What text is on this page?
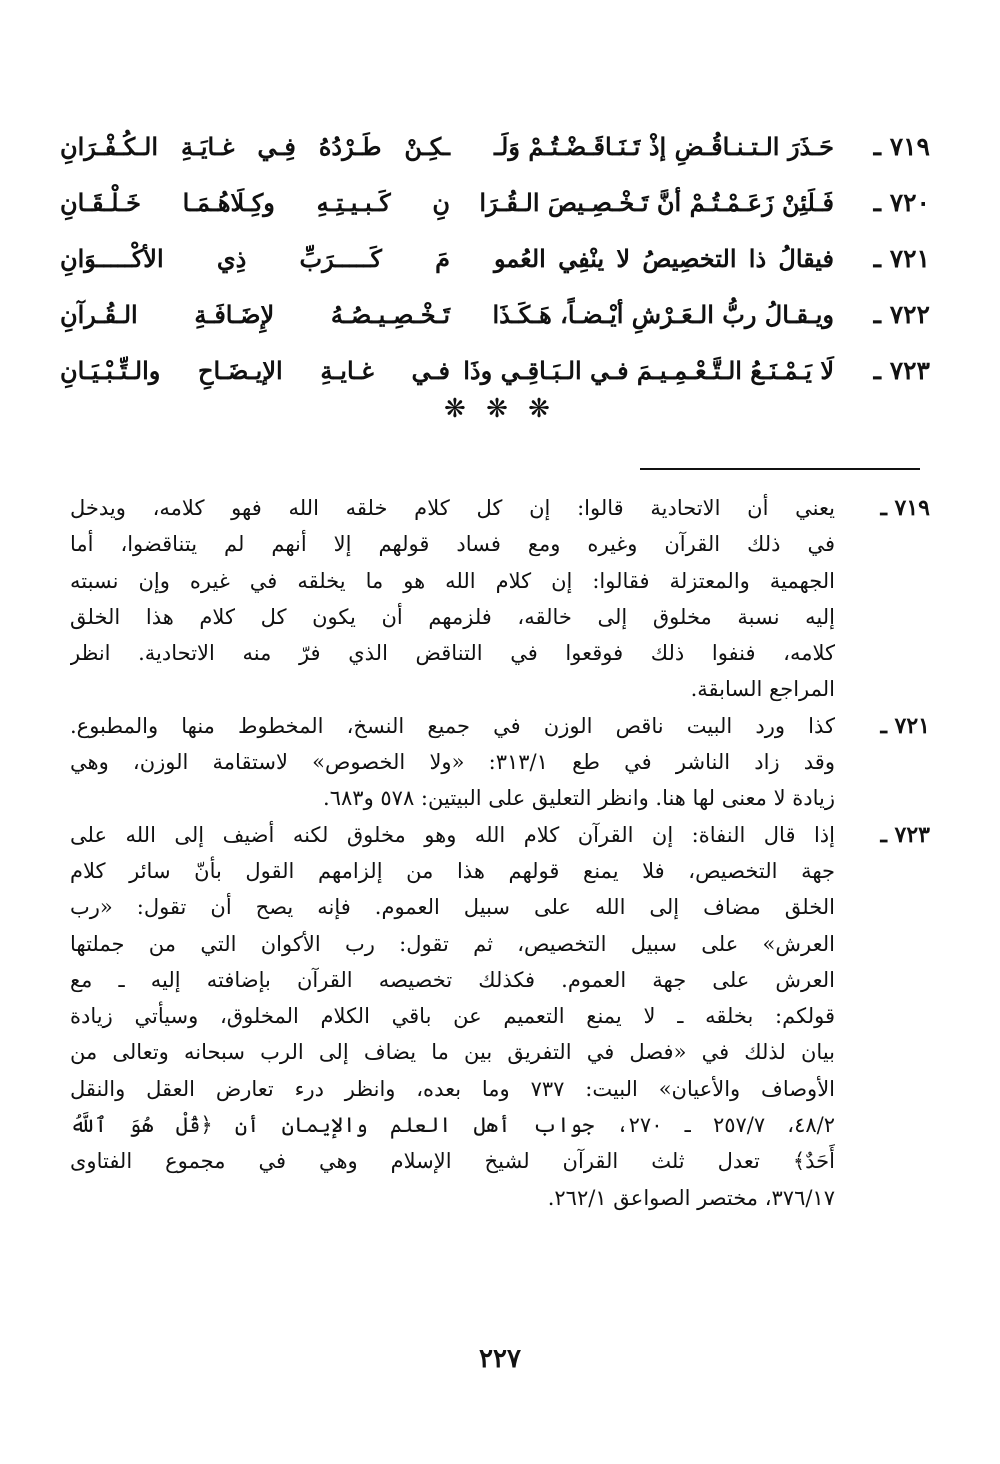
٧١٩ ـ
حَـذَرَ الـتـنـاقُـضِ إذْ تَـنَـاقَـضْـتُـمْ وَلَـ
ـكِـنْ طَـرْدُهُ فِـي غـايَـةِ الـكُـفْـرَانِ
٧٢٠ ـ
فَـلَئِنْ زَعَـمْـتُـمْ أنَّ تَـخْـصِـيصَ الـقُـرَا
نِ كَـبـيـتِـهِ وكِـلَاهُـمَـا خَـلْـقَـانِ
٧٢١ ـ
فيقالُ ذا التخصِيصُ لا ينْفِي العُمو
مَ كَـــــرَبِّ ذِي الأكْـــــوَانِ
٧٢٢ ـ
ويـقـالُ ربُّ الـعَـرْشِ أيْـضـاً، هَـكَـذَا
تَـخْـصِـيـصُـهُ لإِضَـافَـةِ الـقُـرآنِ
٧٢٣ ـ
لَا يَـمْـنَـعُ الـتَّـعْـمِـيـمَ فـي الـبَـاقِـي وذَا
فـي غـايـةِ الإيـضَـاحِ والـتِّـبْـيَـانِ
❋ ❋ ❋
٧١٩ ـ
يعني أن الاتحادية قالوا: إن كل كلام خلقه الله فهو كلامه، ويدخل
في ذلك القرآن وغيره ومع فساد قولهم إلا أنهم لم يتناقضوا، أما
الجهمية والمعتزلة فقالوا: إن كلام الله هو ما يخلقه في غيره وإن نسبته
إليه نسبة مخلوق إلى خالقه، فلزمهم أن يكون كل كلام هذا الخلق
كلامه، فنفوا ذلك فوقعوا في التناقض الذي فرّ منه الاتحادية. انظر
المراجع السابقة.
٧٢١ ـ
كذا ورد البيت ناقص الوزن في جميع النسخ، المخطوط منها والمطبوع.
وقد زاد الناشر في طع ٣١٣/١: «ولا الخصوص» لاستقامة الوزن، وهي
زيادة لا معنى لها هنا. وانظر التعليق على البيتين: ٥٧٨ و٦٨٣.
٧٢٣ ـ
إذا قال النفاة: إن القرآن كلام الله وهو مخلوق لكنه أضيف إلى الله على
جهة التخصيص، فلا يمنع قولهم هذا من إلزامهم القول بأنّ سائر كلام
الخلق مضاف إلى الله على سبيل العموم. فإنه يصح أن تقول: «رب
العرش» على سبيل التخصيص، ثم تقول: رب الأكوان التي من جملتها
العرش على جهة العموم. فكذلك تخصيصه القرآن بإضافته إليه ـ مع
قولكم: بخلقه ـ لا يمنع التعميم عن باقي الكلام المخلوق، وسيأتي زيادة
بيان لذلك في «فصل في التفريق بين ما يضاف إلى الرب سبحانه وتعالى من
الأوصاف والأعيان» البيت: ٧٣٧ وما بعده، وانظر درء تعارض العقل والنقل
٤٨/٢، ٢٥٧/٧ ـ ٢٧٠، جواب أهل العلم والإيمان أن ﴿قُلْ هُوَ ٱللَّهُ
أَحَدٌ﴾ تعدل ثلث القرآن لشيخ الإسلام وهي في مجموع الفتاوى
٣٧٦/١٧، مختصر الصواعق ٢٦٢/١.
٢٢٧
